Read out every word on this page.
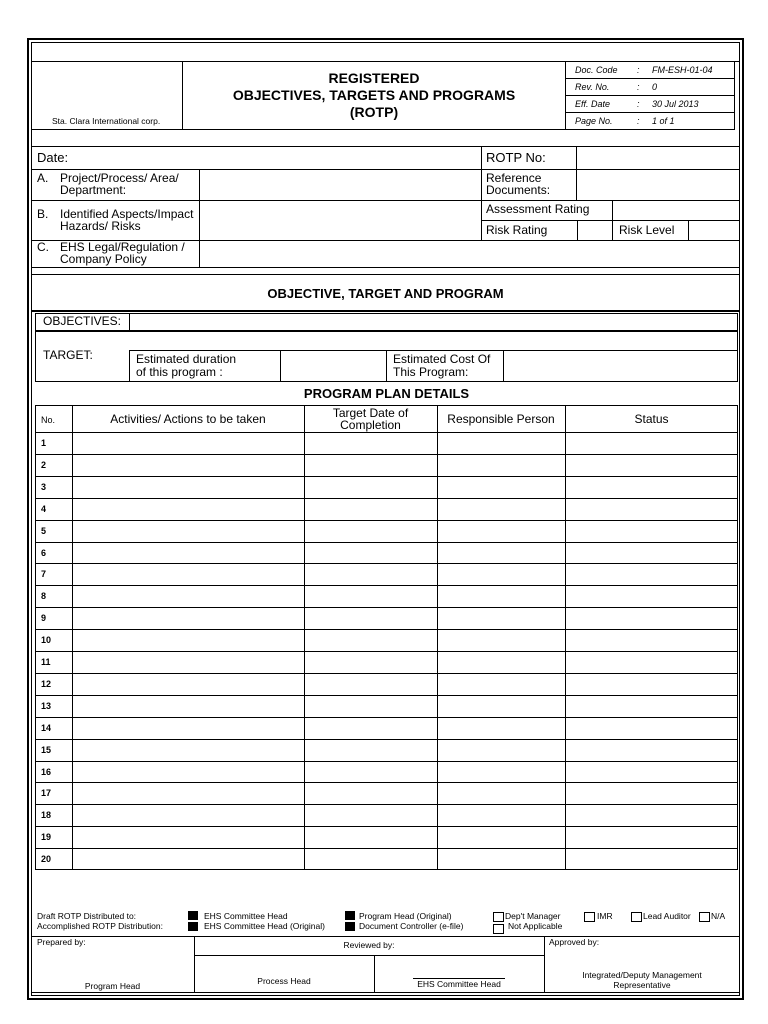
Sta. Clara International corp.
REGISTERED
OBJECTIVES, TARGETS AND PROGRAMS
(ROTP)
Doc. Code : FM-ESH-01-04
Rev. No.	: 0
Eff. Date	: 30 Jul 2013
Page No.	: 1 of 1
Date:	ROTP No:
A. Project/Process/ Area/
Department:
Reference
Documents:
B. Identified Aspects/Impact
Hazards/ Risks
Assessment Rating
Risk Rating	Risk Level
C. EHS Legal/Regulation /
Company Policy
OBJECTIVE, TARGET AND PROGRAM
OBJECTIVES:
TARGET:	Estimated duration
of this program :
Estimated Cost Of
This Program:
PROGRAM PLAN DETAILS
No.	Activities/ Actions to be taken	Target Date of
Completion	Responsible Person	Status
1
2
3
4
5
6
7
8
9
10
11
12
13
14
15
16
17
18
19
20
Draft ROTP Distributed to:
Accomplished ROTP Distribution:
EHS Committee Head
EHS Committee Head (Original)
Program Head (Original)
Document Controller (e-file)
Dep't Manager
Not Applicable
IMR	Lead Auditor N/A
Prepared by:	Reviewed by:	Approved by:
Program Head	Process Head	EHS Committee Head
Integrated/Deputy Management
Representative
